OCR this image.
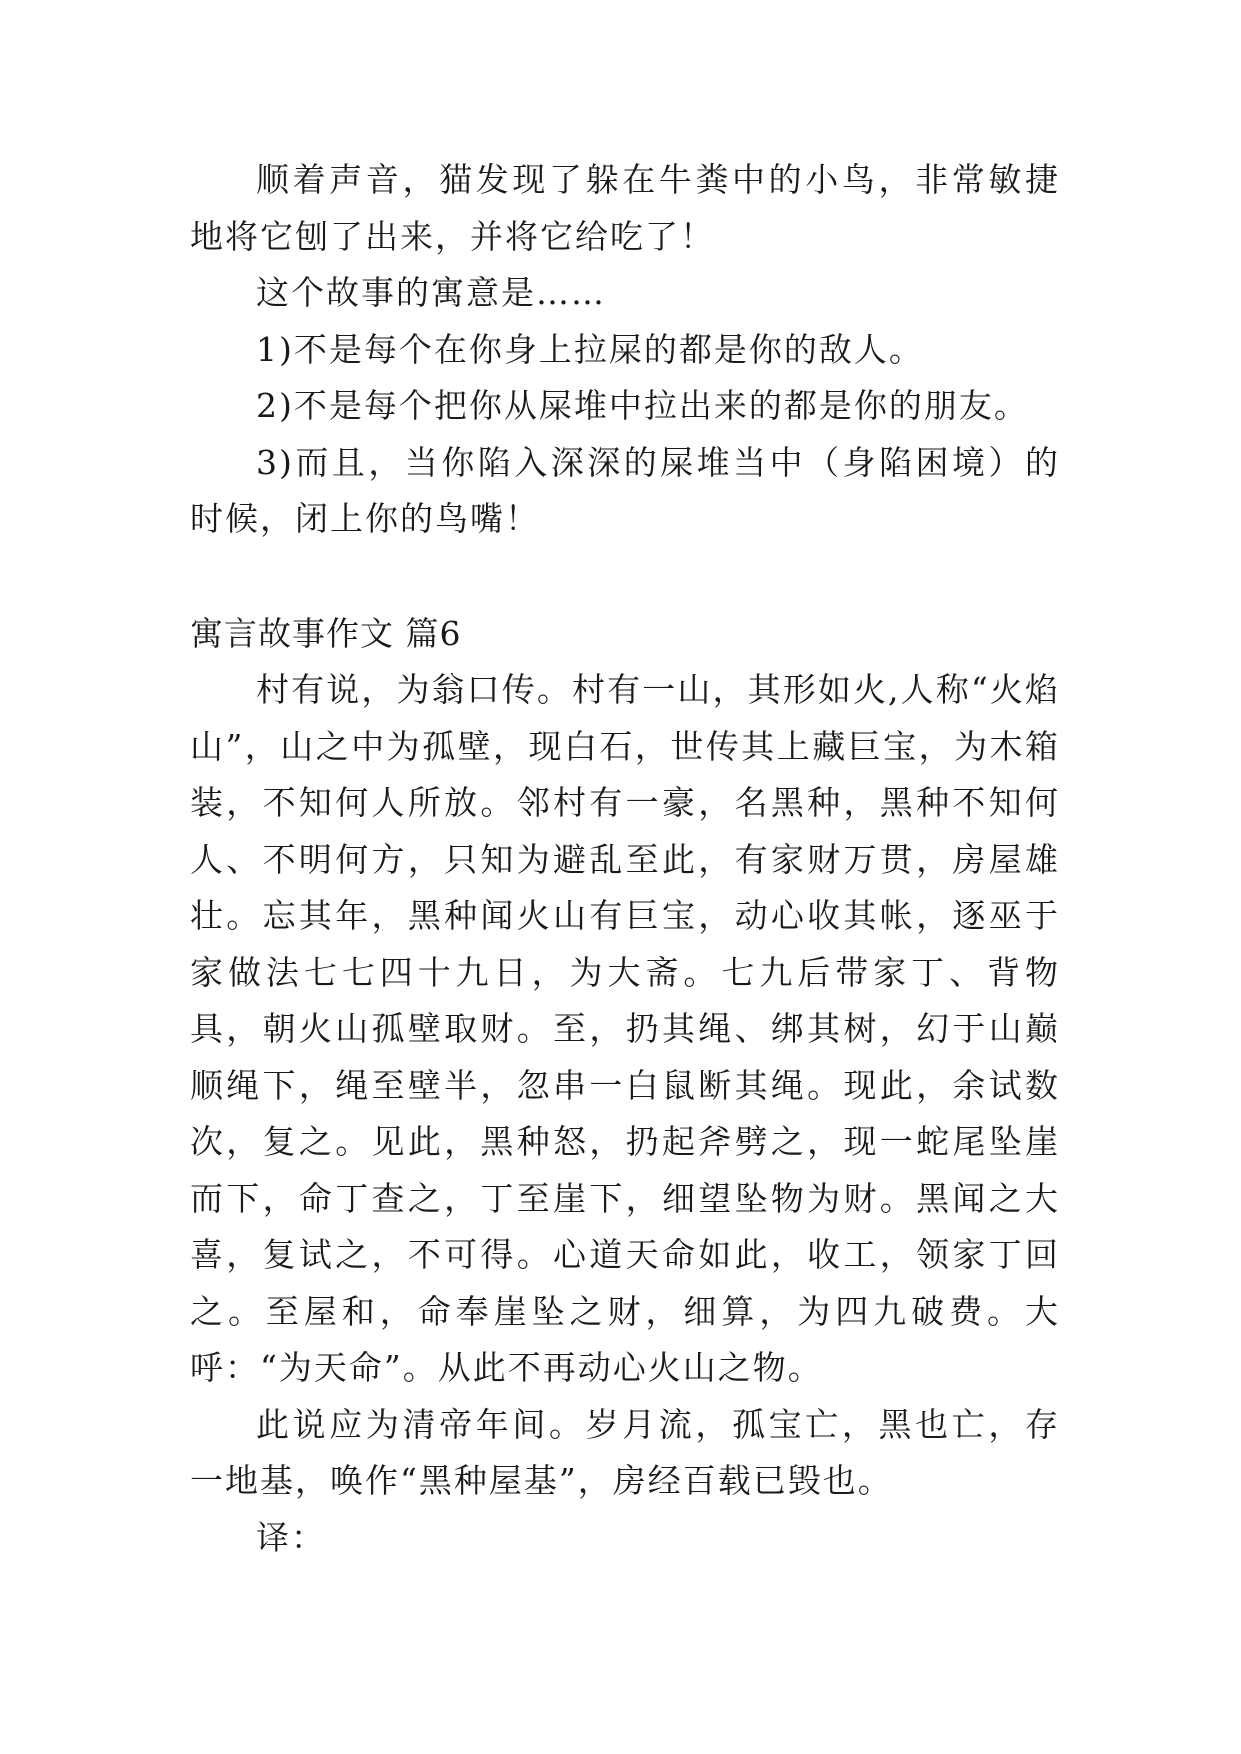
顺着声音，猫发现了躲在牛粪中的小鸟，非常敏捷地将它刨了出来，并将它给吃了！

这个故事的寓意是……

1)不是每个在你身上拉屎的都是你的敌人。

2)不是每个把你从屎堆中拉出来的都是你的朋友。

3)而且，当你陷入深深的屎堆当中（身陷困境）的时候，闭上你的鸟嘴！

寓言故事作文 篇6

村有说，为翁口传。村有一山，其形如火,人称“火焰山”，山之中为孤壁，现白石，世传其上藏巨宝，为木箱装，不知何人所放。邻村有一豪，名黑种，黑种不知何人、不明何方，只知为避乱至此，有家财万贯，房屋雄壮。忘其年，黑种闻火山有巨宝，动心收其帐，逐巫于家做法七七四十九日，为大斋。七九后带家丁、背物具，朝火山孤壁取财。至，扔其绳、绑其树，幻于山巅顺绳下，绳至壁半，忽串一白鼠断其绳。现此，余试数次，复之。见此，黑种怒，扔起斧劈之，现一蛇尾坠崖而下，命丁查之，丁至崖下，细望坠物为财。黑闻之大喜，复试之，不可得。心道天命如此，收工，领家丁回之。至屋和，命奉崖坠之财，细算，为四九破费。大呼：“为天命”。从此不再动心火山之物。

此说应为清帝年间。岁月流，孤宝亡，黑也亡，存一地基，唤作“黑种屋基”，房经百载已毁也。

译：
